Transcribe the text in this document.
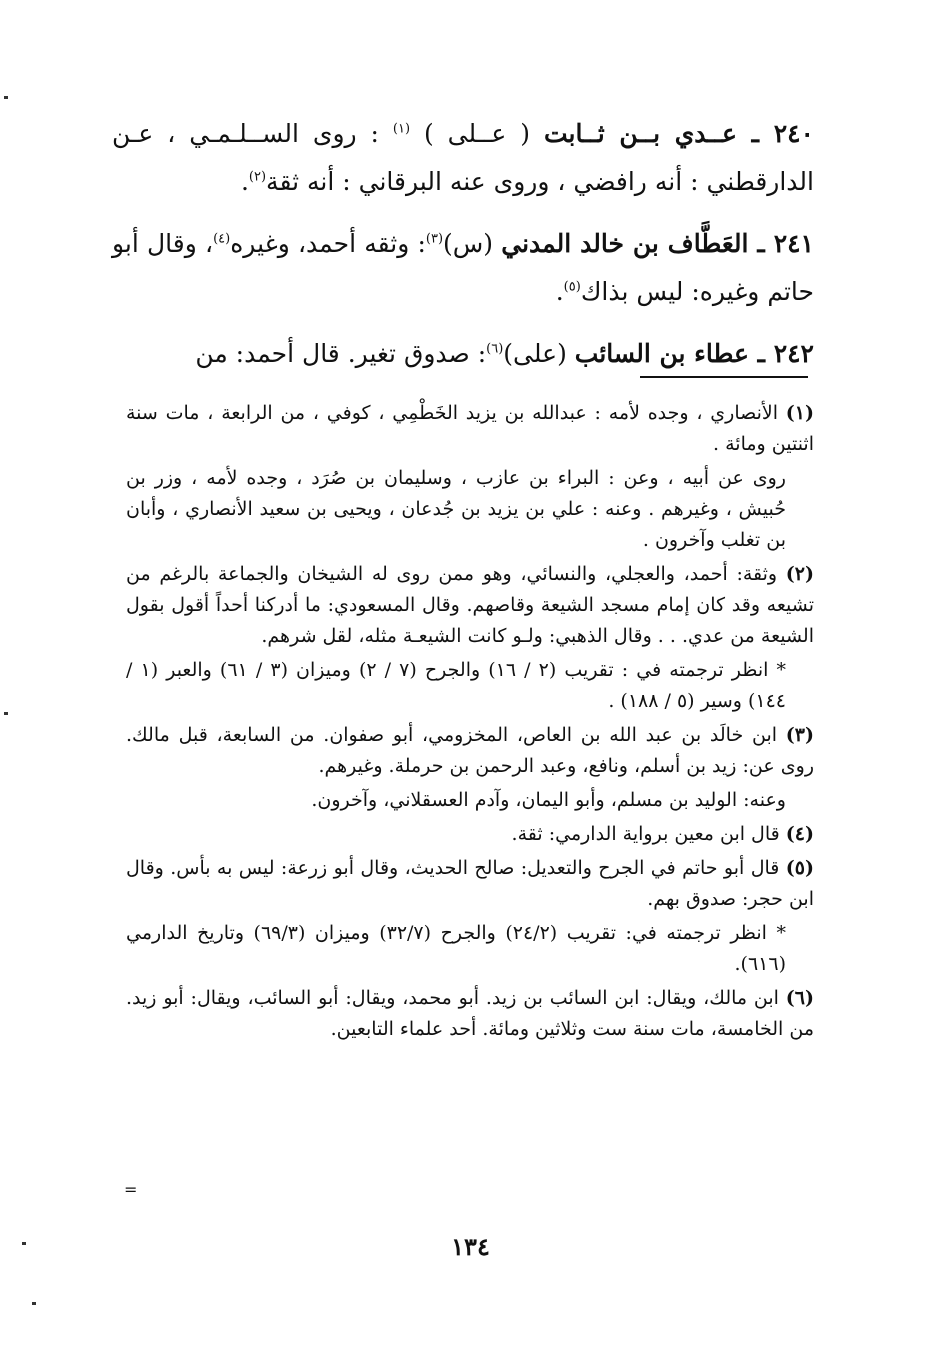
٢٤٠ ـ عــدي بــن ثــابت ( عــلى ) $^{(١)}$ : روى الســلـمـي ، عـن الدارقطني : أنه رافضي ، وروى عنه البرقاني : أنه ثقة$^{(٢)}$.

٢٤١ ـ العَطَّاف بن خالد المدني (س)$^{(٣)}$: وثقه أحمد، وغيره$^{(٤)}$، وقال أبو حاتم وغيره: ليس بذاك$^{(٥)}$.

٢٤٢ ـ عطاء بن السائب (على)$^{(٦)}$: صدوق تغير. قال أحمد: من

(١) الأنصاري ، وجده لأمه : عبدالله بن يزيد الخَطْمِي ، كوفي ، من الرابعة ، مات سنة اثنتين ومائة .

روى عن أبيه ، وعن : البراء بن عازب ، وسليمان بن صُرَد ، وجده لأمه ، وزر بن حُبيش ، وغيرهم . وعنه : علي بن يزيد بن جُدعان ، ويحيى بن سعيد الأنصاري ، وأبان بن تغلب وآخرون .

(٢) وثقة: أحمد، والعجلي، والنسائي، وهو ممن روى له الشيخان والجماعة بالرغم من تشيعه وقد كان إمام مسجد الشيعة وقاصهم. وقال المسعودي: ما أدركنا أحداً أقول بقول الشيعة من عدي. . . وقال الذهبي: ولـو كانت الشيعـة مثله، لقل شرهم.

* انظر ترجمته في : تقريب (٢ / ١٦) والجرح (٧ / ٢) وميزان (٣ / ٦١) والعبر (١ / ١٤٤) وسير (٥ / ١٨٨) .

(٣) ابن خالَد بن عبد الله بن العاص، المخزومي، أبو صفوان. من السابعة، قبل مالك. روى عن: زيد بن أسلم، ونافع، وعبد الرحمن بن حرملة. وغيرهم.

وعنه: الوليد بن مسلم، وأبو اليمان، وآدم العسقلاني، وآخرون.

(٤) قال ابن معين برواية الدارمي: ثقة.

(٥) قال أبو حاتم في الجرح والتعديل: صالح الحديث، وقال أبو زرعة: ليس به بأس. وقال ابن حجر: صدوق بهم.

* انظر ترجمته في: تقريب (٢٤/٢) والجرح (٣٢/٧) وميزان (٦٩/٣) وتاريخ الدارمي (٦١٦).

(٦) ابن مالك، ويقال: ابن السائب بن زيد. أبو محمد، ويقال: أبو السائب، ويقال: أبو زيد. من الخامسة، مات سنة ست وثلاثين ومائة. أحد علماء التابعين.

=
١٣٤
